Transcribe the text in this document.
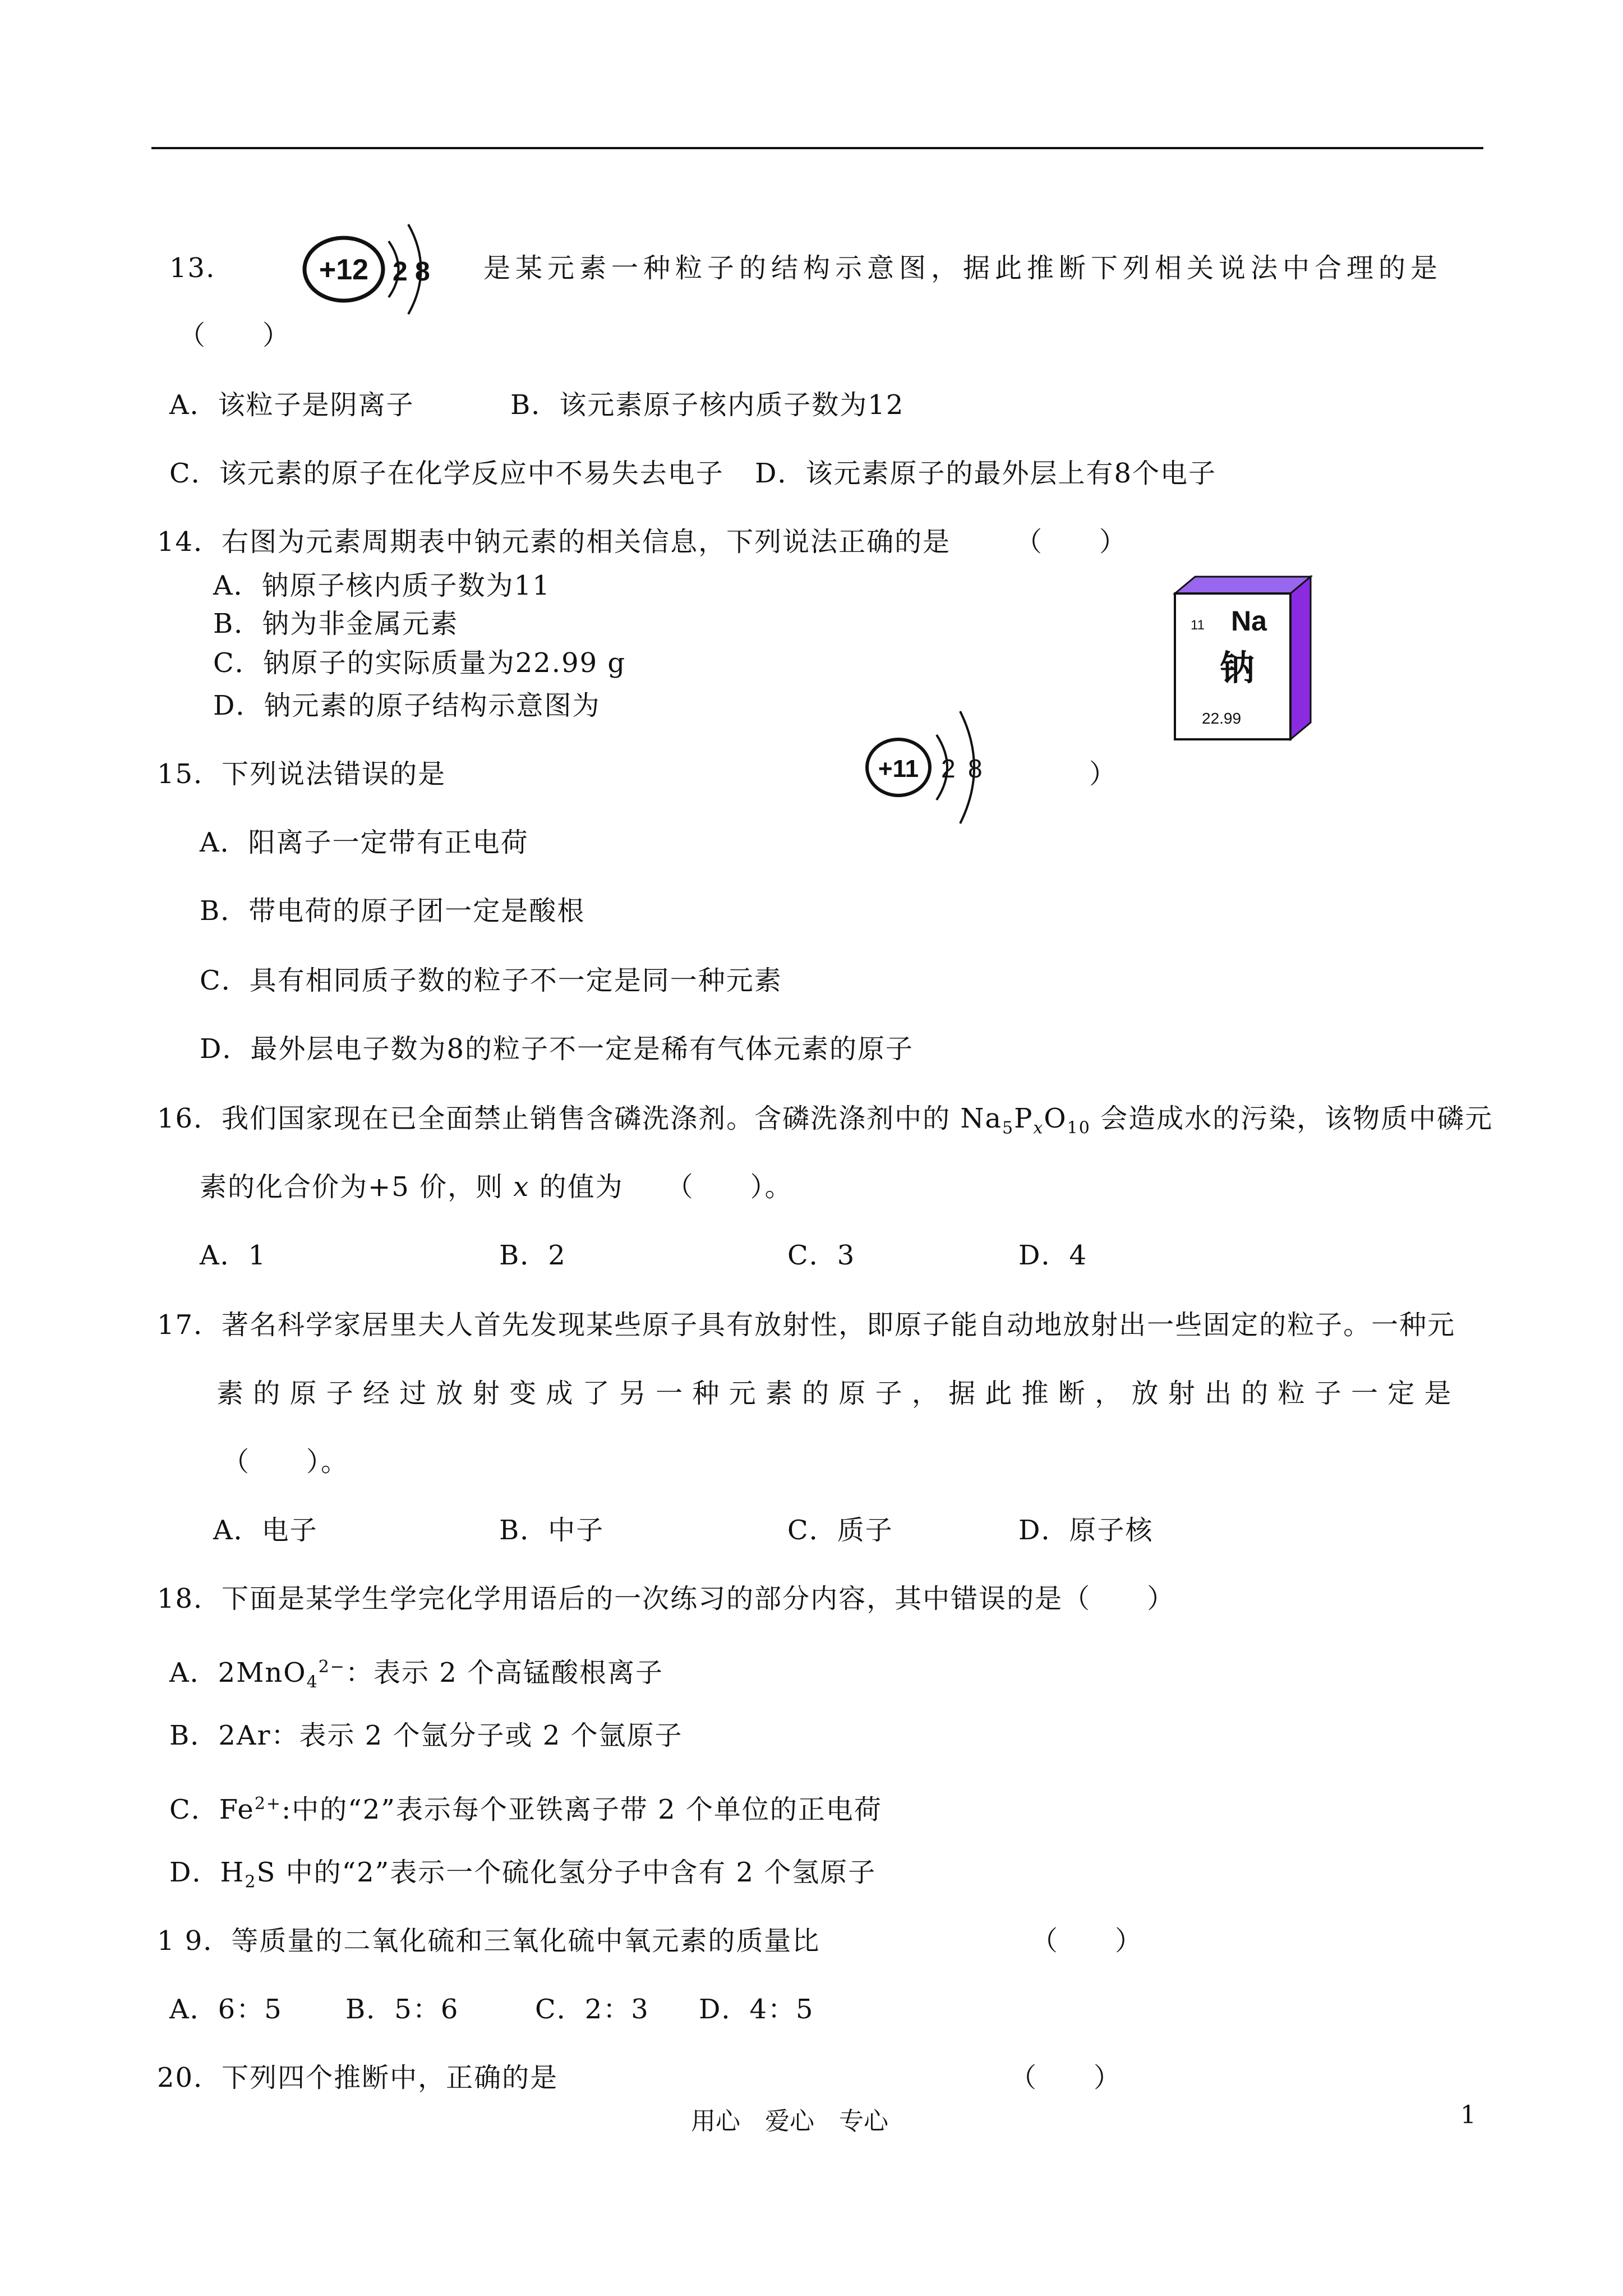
13.	+12 2 8 是某元素一种粒子的结构示意图，据此推断下列相关说法中合理的是
（　　）
A．该粒子是阴离子	B．该元素原子核内质子数为12
C．该元素的原子在化学反应中不易失去电子 D．该元素原子的最外层上有8个电子
14．右图为元素周期表中钠元素的相关信息，下列说法正确的是 （　　）
A．钠原子核内质子数为11
B．钠为非金属元素
C．钠原子的实际质量为22.99 g
D．钠元素的原子结构示意图为
11 Na
钠
22.99
+11 2 8
15．下列说法错误的是	）
A．阳离子一定带有正电荷
B．带电荷的原子团一定是酸根
C．具有相同质子数的粒子不一定是同一种元素
D．最外层电子数为8的粒子不一定是稀有气体元素的原子
16．我们国家现在已全面禁止销售含磷洗涤剂。含磷洗涤剂中的 $Na_5P_xO_{10}$ 会造成水的污染，该物质中磷元
素的化合价为+5 价，则 x 的值为　　（　　）。
A．1	B．2	C．3	D．4
17．著名科学家居里夫人首先发现某些原子具有放射性，即原子能自动地放射出一些固定的粒子。一种元
素 的 原 子 经 过 放 射 变 成 了 另 一 种 元 素 的 原 子 ， 据 此 推 断 ， 放 射 出 的 粒 子 一 定 是
（　　）。
A．电子	B．中子	C．质子	D．原子核
18．下面是某学生学完化学用语后的一次练习的部分内容，其中错误的是（　　）
A．2MnO$_4^{2-}$：表示 2 个高锰酸根离子
B．2Ar：表示 2 个氩分子或 2 个氩原子
C．$Fe^{2+}$:中的“2”表示每个亚铁离子带 2 个单位的正电荷
D．$H_2S$ 中的“2”表示一个硫化氢分子中含有 2 个氢原子
1 9．等质量的二氧化硫和三氧化硫中氧元素的质量比	（　　）
A．6：5 B．5：6	C．2：3 D．4：5
20．下列四个推断中，正确的是	（　　）
用心　爱心　专心	1
